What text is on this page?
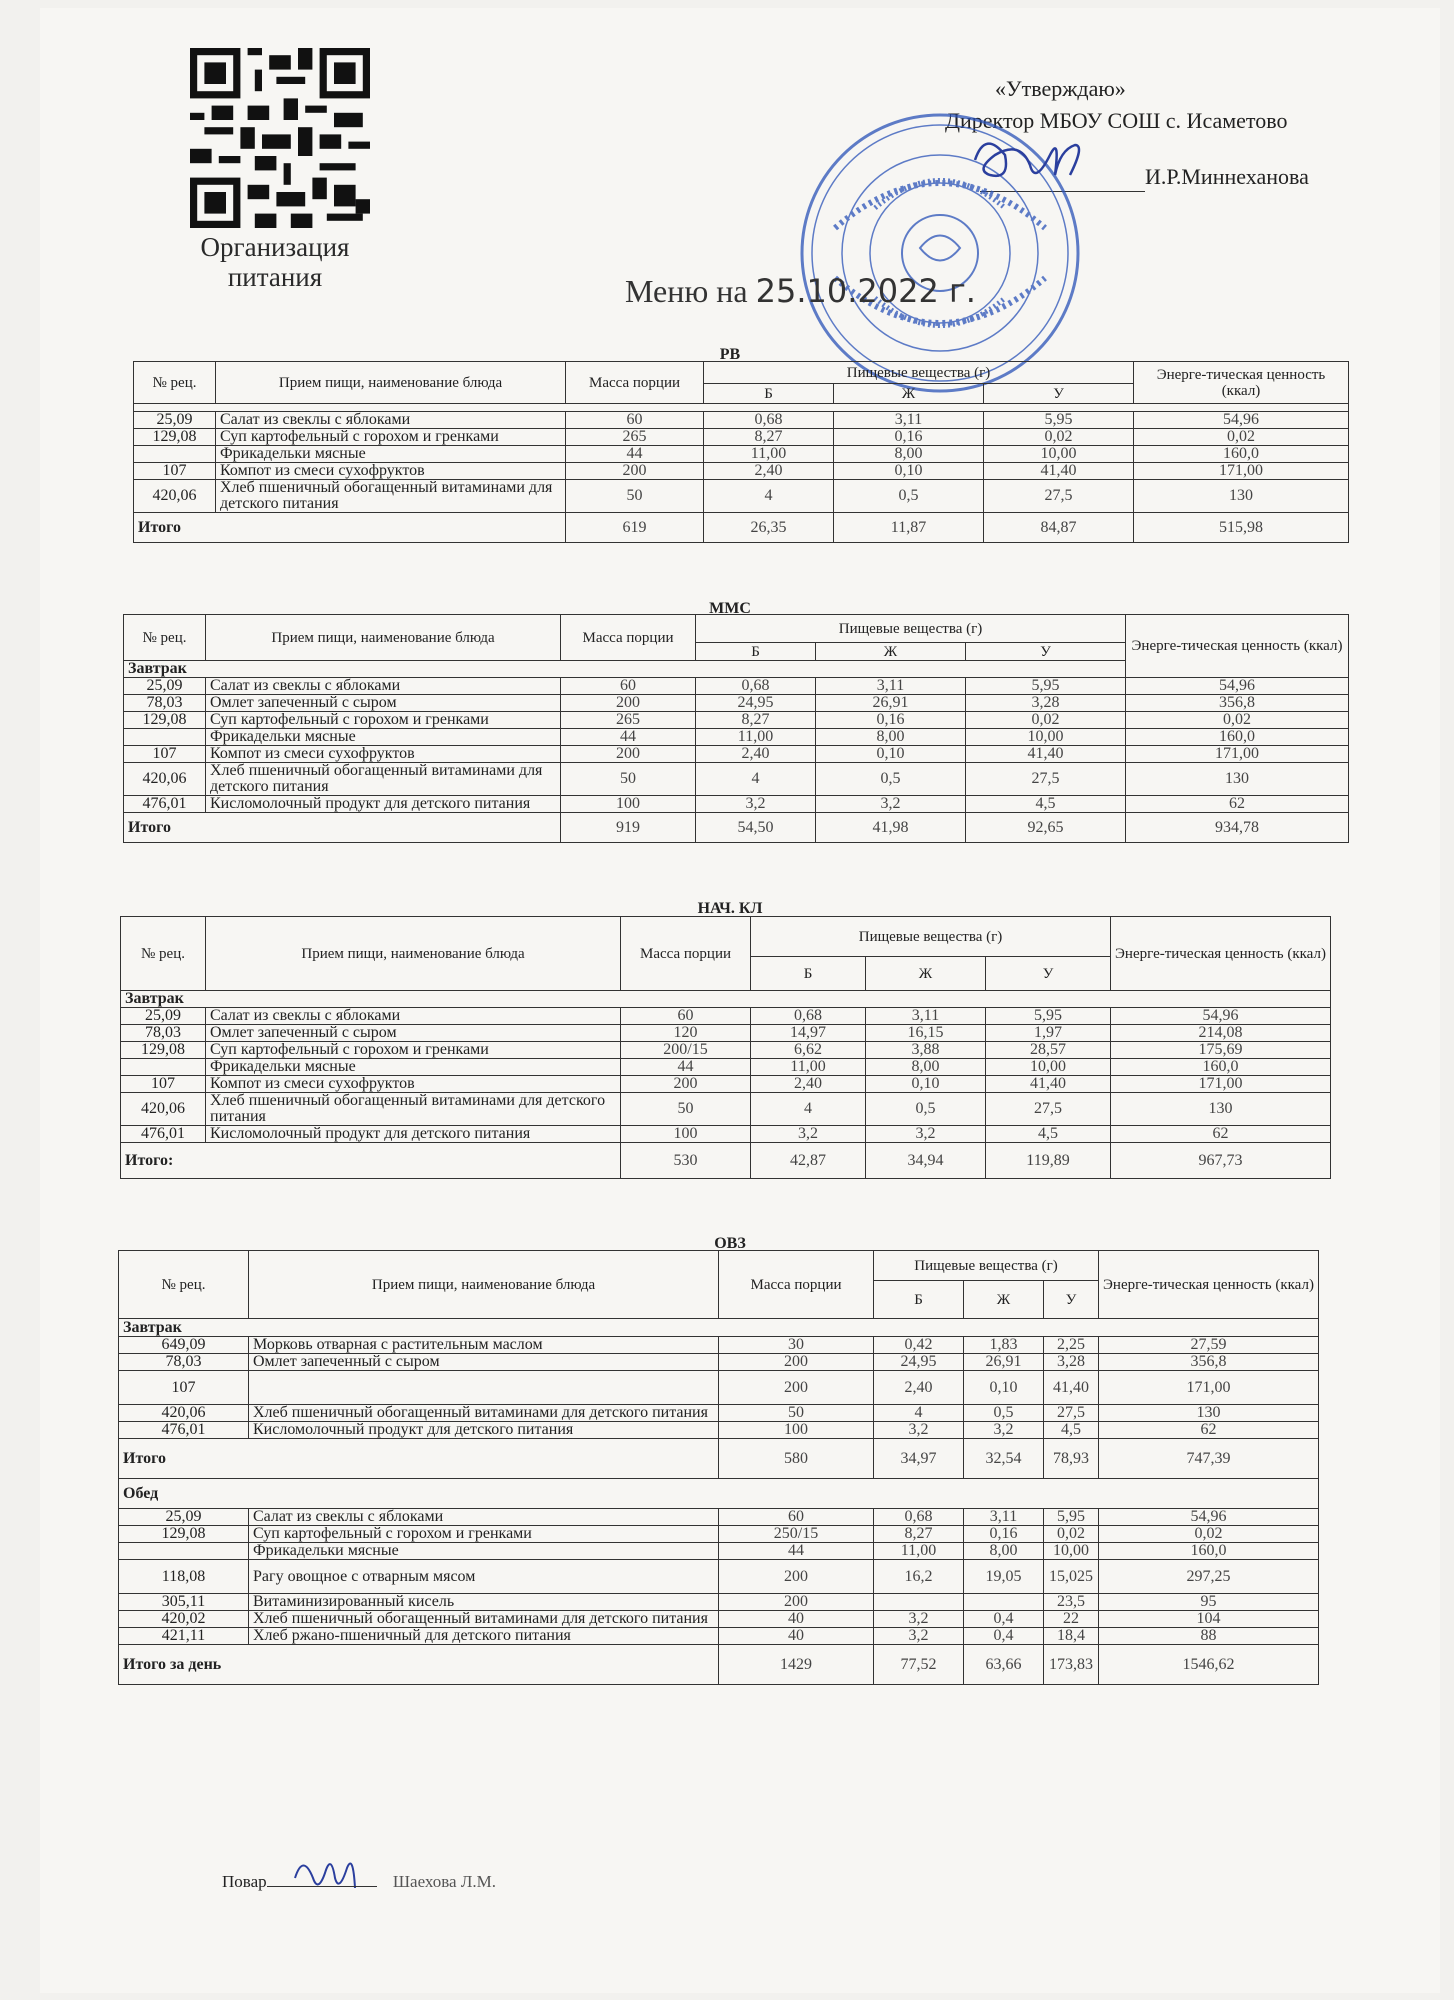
Организация питания
«Утверждаю»
Директор МБОУ СОШ с. Исаметово
И.Р.Миннеханова
Меню на 25.10.2022 г.
РВ
№ рец.	Прием пищи, наименование блюда	Масса порции	Пищевые вещества (г)			Энерге-тическая ценность (ккал)
			Б	Ж	У	

25,09	Салат из свеклы с яблоками	60	0,68	3,11	5,95	54,96
129,08	Суп картофельный с горохом и гренками	265	8,27	0,16	0,02	0,02
	Фрикадельки мясные	44	11,00	8,00	10,00	160,0
107	Компот из смеси сухофруктов	200	2,40	0,10	41,40	171,00
420,06	Хлеб пшеничный обогащенный витаминами для детского питания	50	4	0,5	27,5	130
Итого		619	26,35	11,87	84,87	515,98
ММС
№ рец.	Прием пищи, наименование блюда	Масса порции	Пищевые вещества (г)			Энерге-тическая ценность (ккал)
			Б	Ж	У	
Завтрак						
25,09	Салат из свеклы с яблоками	60	0,68	3,11	5,95	54,96
78,03	Омлет запеченный с сыром	200	24,95	26,91	3,28	356,8
129,08	Суп картофельный с горохом и гренками	265	8,27	0,16	0,02	0,02
	Фрикадельки мясные	44	11,00	8,00	10,00	160,0
107	Компот из смеси сухофруктов	200	2,40	0,10	41,40	171,00
420,06	Хлеб пшеничный обогащенный витаминами для детского питания	50	4	0,5	27,5	130
476,01	Кисломолочный продукт для детского питания	100	3,2	3,2	4,5	62
Итого		919	54,50	41,98	92,65	934,78
НАЧ. КЛ
№ рец.	Прием пищи, наименование блюда	Масса порции	Пищевые вещества (г)			Энерге-тическая ценность (ккал)
			Б	Ж	У	
Завтрак						
25,09	Салат из свеклы с яблоками	60	0,68	3,11	5,95	54,96
78,03	Омлет запеченный с сыром	120	14,97	16,15	1,97	214,08
129,08	Суп картофельный с горохом и гренками	200/15	6,62	3,88	28,57	175,69
	Фрикадельки мясные	44	11,00	8,00	10,00	160,0
107	Компот из смеси сухофруктов	200	2,40	0,10	41,40	171,00
420,06	Хлеб пшеничный обогащенный витаминами для детского питания	50	4	0,5	27,5	130
476,01	Кисломолочный продукт для детского питания	100	3,2	3,2	4,5	62
Итого:		530	42,87	34,94	119,89	967,73
ОВЗ
№ рец.	Прием пищи, наименование блюда	Масса порции	Пищевые вещества (г)			Энерге-тическая ценность (ккал)
			Б	Ж	У	
Завтрак						
649,09	Морковь отварная с растительным маслом	30	0,42	1,83	2,25	27,59
78,03	Омлет запеченный с сыром	200	24,95	26,91	3,28	356,8
107		200	2,40	0,10	41,40	171,00
420,06	Хлеб пшеничный обогащенный витаминами для детского питания	50	4	0,5	27,5	130
476,01	Кисломолочный продукт для детского питания	100	3,2	3,2	4,5	62
Итого		580	34,97	32,54	78,93	747,39
Обед						
25,09	Салат из свеклы с яблоками	60	0,68	3,11	5,95	54,96
129,08	Суп картофельный с горохом и гренками	250/15	8,27	0,16	0,02	0,02
	Фрикадельки мясные	44	11,00	8,00	10,00	160,0
118,08	Рагу овощное с отварным мясом	200	16,2	19,05	15,025	297,25
305,11	Витаминизированный кисель	200			23,5	95
420,02	Хлеб пшеничный обогащенный витаминами для детского питания	40	3,2	0,4	22	104
421,11	Хлеб ржано-пшеничный для детского питания	40	3,2	0,4	18,4	88
Итого за день		1429	77,52	63,66	173,83	1546,62
Повар	Шаехова Л.М.
